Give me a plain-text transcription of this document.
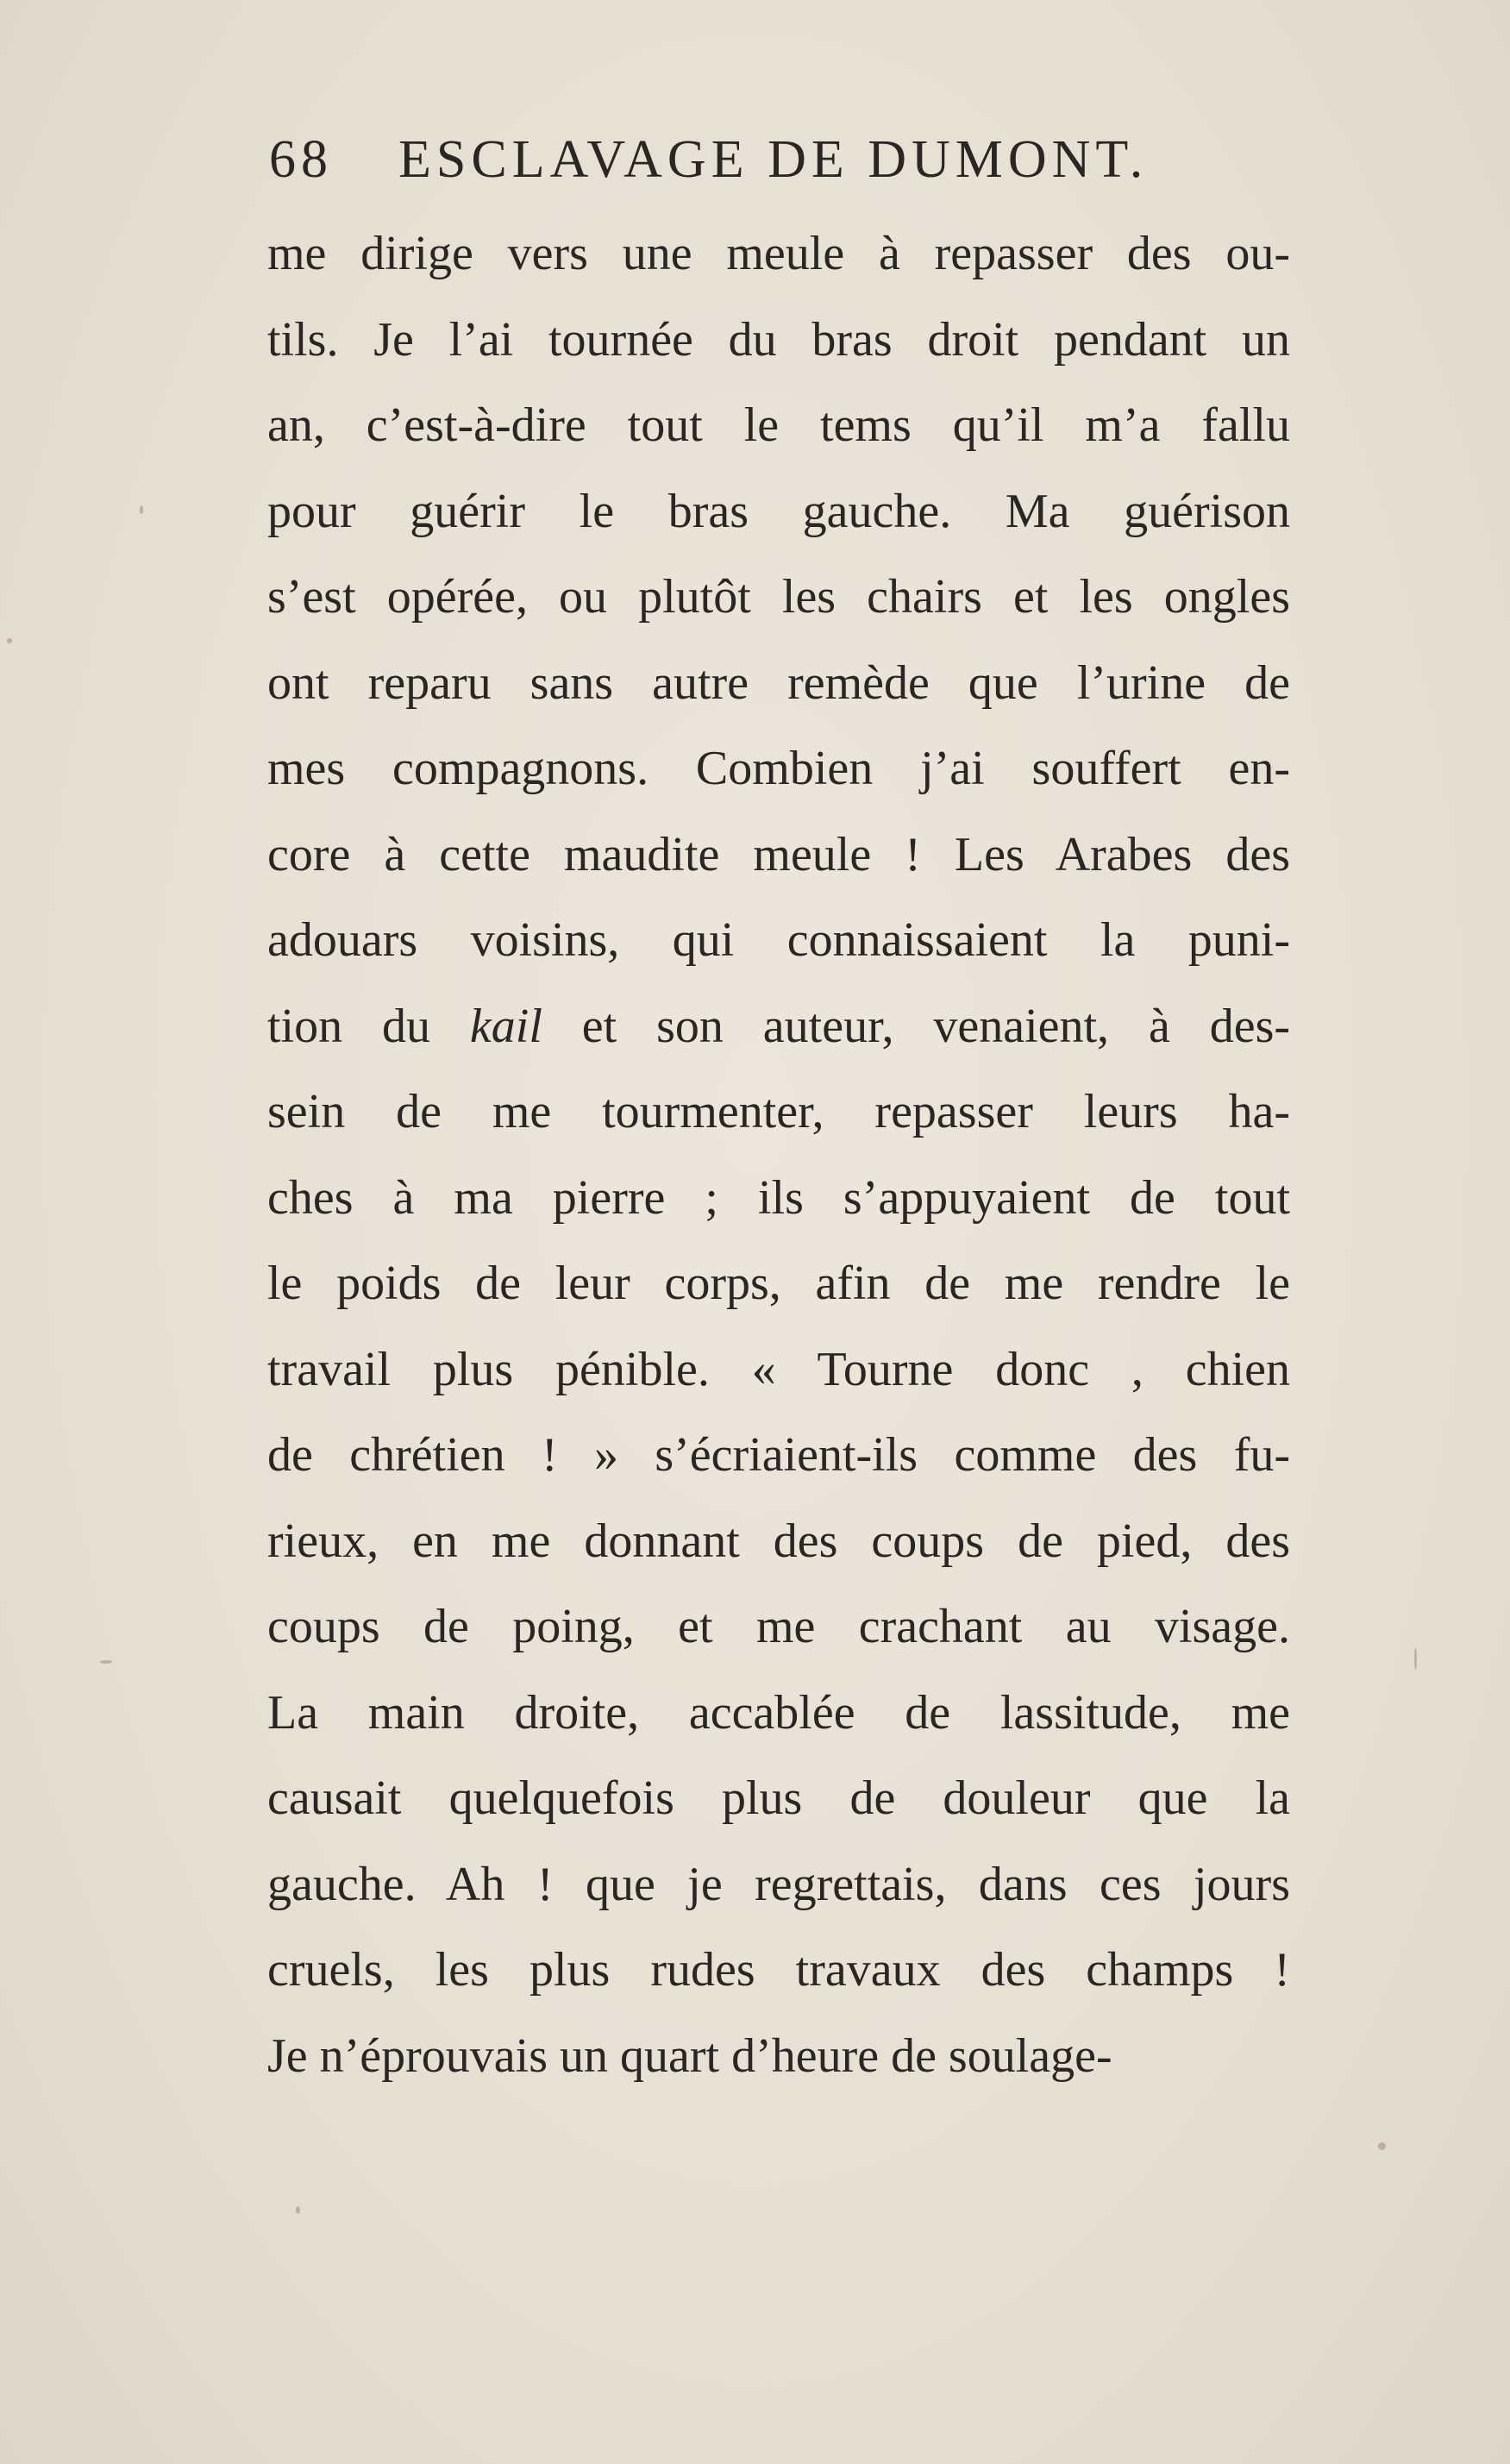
68 ESCLAVAGE DE DUMONT.
me dirige vers une meule à repasser des ou-
tils. Je l’ai tournée du bras droit pendant un
an, c’est-à-dire tout le tems qu’il m’a fallu
pour guérir le bras gauche. Ma guérison
s’est opérée, ou plutôt les chairs et les ongles
ont reparu sans autre remède que l’urine de
mes compagnons. Combien j’ai souffert en-
core à cette maudite meule ! Les Arabes des
adouars voisins, qui connaissaient la puni-
tion du kail et son auteur, venaient, à des-
sein de me tourmenter, repasser leurs ha-
ches à ma pierre ; ils s’appuyaient de tout
le poids de leur corps, afin de me rendre le
travail plus pénible. « Tourne donc , chien
de chrétien ! » s’écriaient-ils comme des fu-
rieux, en me donnant des coups de pied, des
coups de poing, et me crachant au visage.
La main droite, accablée de lassitude, me
causait quelquefois plus de douleur que la
gauche. Ah ! que je regrettais, dans ces jours
cruels, les plus rudes travaux des champs !
Je n’éprouvais un quart d’heure de soulage-
